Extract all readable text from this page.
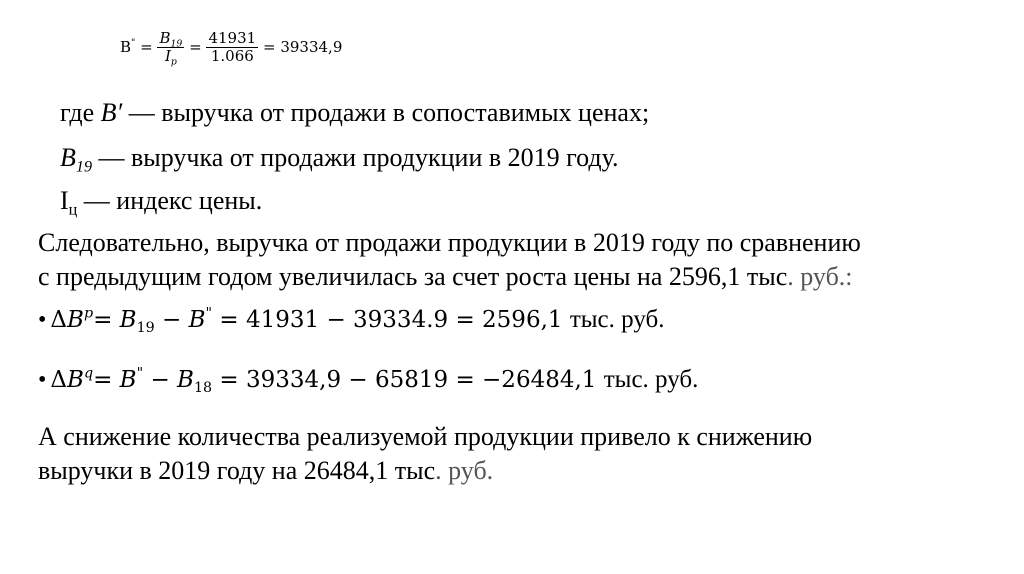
$В^" = \frac{B_{19}}{I_p} = \frac{41931}{1.066} = 39334,9$
где B′ — выручка от продажи в сопоставимых ценах;
$B_{19}$ — выручка от продажи продукции в 2019 году.
$I_ц$ — индекс цены.
Следовательно, выручка от продажи продукции в 2019 году по сравнению
с предыдущим годом увеличилась за счет роста цены на 2596,1 тыс. руб.:
• $\Delta B^p= B_{19} - B^" = 41931 - 39334.9 = 2596,1$ тыс. руб.
• $\Delta B^q= B^" - B_{18} = 39334,9 - 65819 = -26484,1$ тыс. руб.
А снижение количества реализуемой продукции привело к снижению
выручки в 2019 году на 26484,1 тыс. руб.
